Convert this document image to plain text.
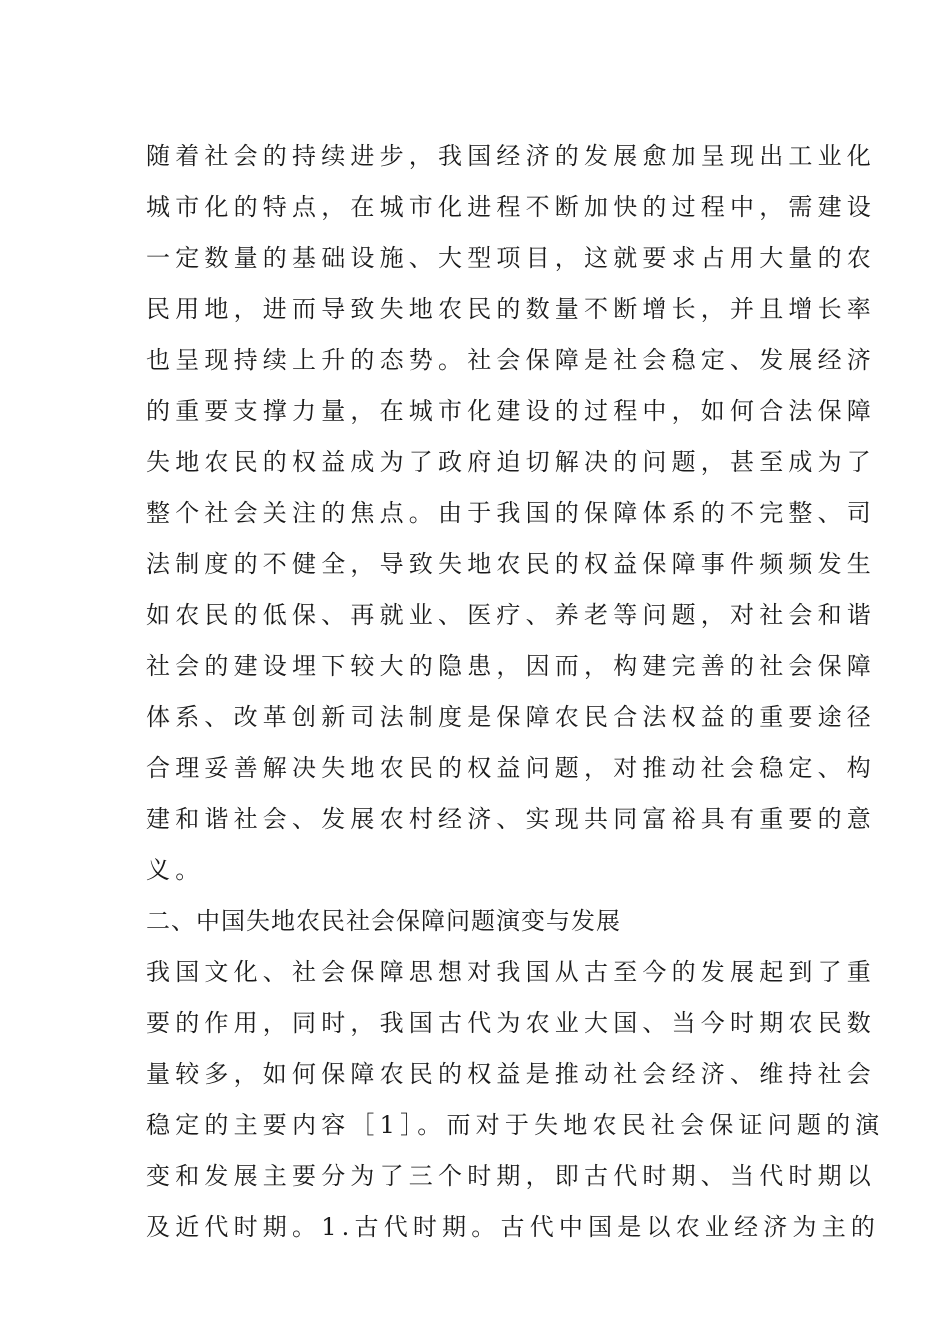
随着社会的持续进步，我国经济的发展愈加呈现出工业化
城市化的特点，在城市化进程不断加快的过程中，需建设
一定数量的基础设施、大型项目，这就要求占用大量的农
民用地，进而导致失地农民的数量不断增长，并且增长率
也呈现持续上升的态势。社会保障是社会稳定、发展经济
的重要支撑力量，在城市化建设的过程中，如何合法保障
失地农民的权益成为了政府迫切解决的问题，甚至成为了
整个社会关注的焦点。由于我国的保障体系的不完整、司
法制度的不健全，导致失地农民的权益保障事件频频发生
如农民的低保、再就业、医疗、养老等问题，对社会和谐
社会的建设埋下较大的隐患，因而，构建完善的社会保障
体系、改革创新司法制度是保障农民合法权益的重要途径
合理妥善解决失地农民的权益问题，对推动社会稳定、构
建和谐社会、发展农村经济、实现共同富裕具有重要的意
义。
二、中国失地农民社会保障问题演变与发展
我国文化、社会保障思想对我国从古至今的发展起到了重
要的作用，同时，我国古代为农业大国、当今时期农民数
量较多，如何保障农民的权益是推动社会经济、维持社会
稳定的主要内容［1］。而对于失地农民社会保证问题的演
变和发展主要分为了三个时期，即古代时期、当代时期以
及近代时期。1.古代时期。古代中国是以农业经济为主的
